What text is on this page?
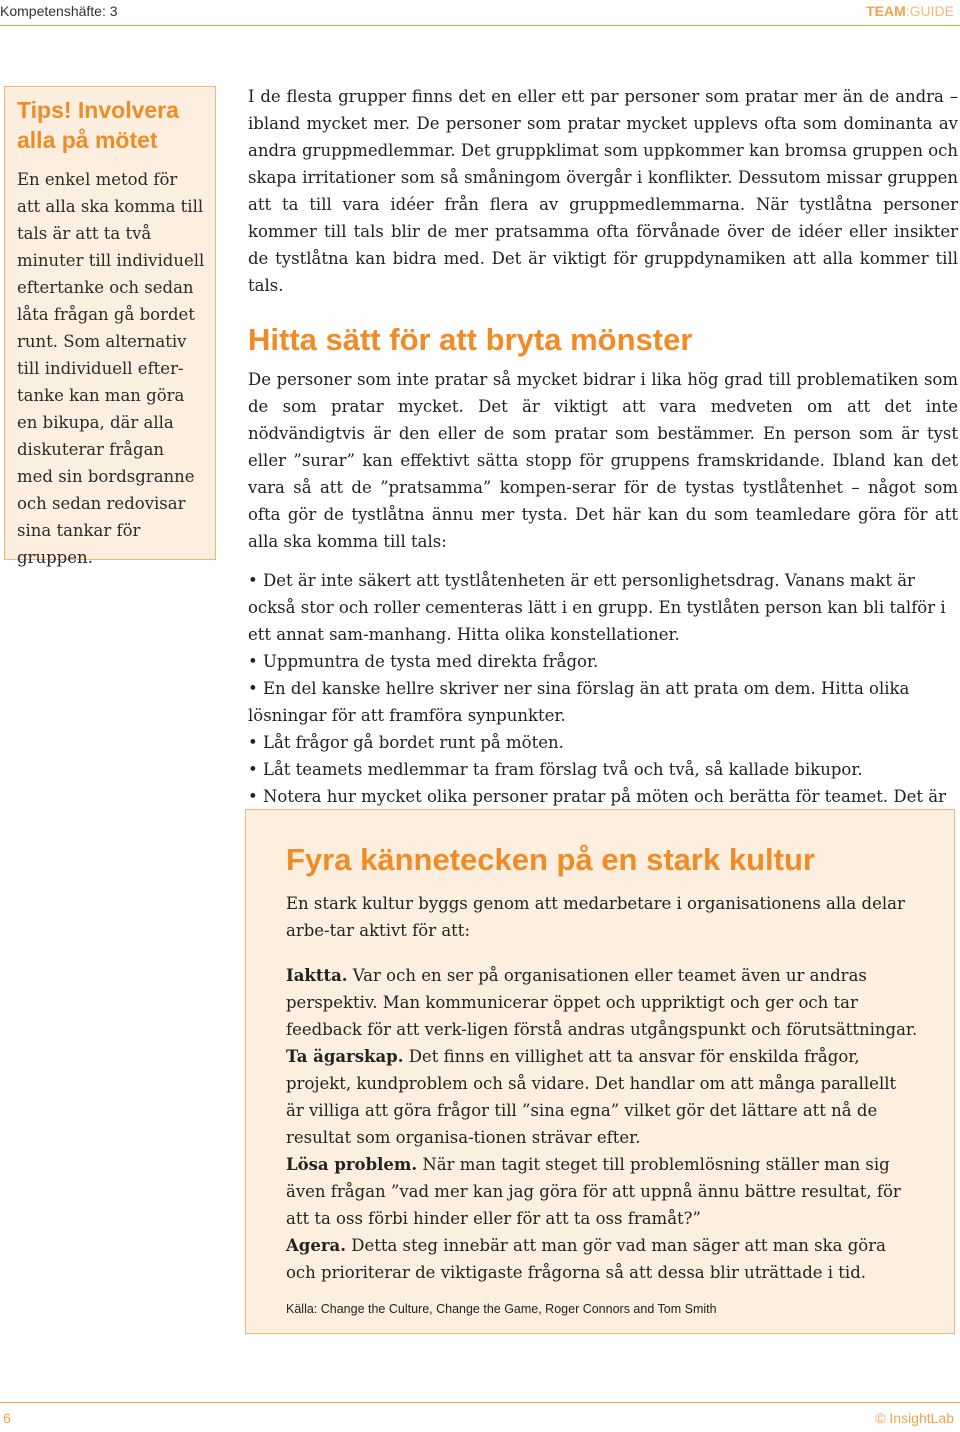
Kompetenshäfte: 3	TEAM:GUIDE
Tips! Involvera alla på mötet

En enkel metod för att alla ska komma till tals är att ta två minuter till individuell eftertanke och sedan låta frågan gå bordet runt. Som alternativ till individuell efter-tanke kan man göra en bikupa, där alla diskuterar frågan med sin bordsgranne och sedan redovisar sina tankar för gruppen.

I de flesta grupper finns det en eller ett par personer som pratar mer än de andra – ibland mycket mer. De personer som pratar mycket upplevs ofta som dominanta av andra gruppmedlemmar. Det gruppklimat som uppkommer kan bromsa gruppen och skapa irritationer som så småningom övergår i konflikter. Dessutom missar gruppen att ta till vara idéer från flera av gruppmedlemmarna. När tystlåtna personer kommer till tals blir de mer pratsamma ofta förvånade över de idéer eller insikter de tystlåtna kan bidra med. Det är viktigt för gruppdynamiken att alla kommer till tals.

Hitta sätt för att bryta mönster

De personer som inte pratar så mycket bidrar i lika hög grad till problematiken som de som pratar mycket. Det är viktigt att vara medveten om att det inte nödvändigtvis är den eller de som pratar som bestämmer. En person som är tyst eller ”surar” kan effektivt sätta stopp för gruppens framskridande. Ibland kan det vara så att de ”pratsamma” kompen-serar för de tystas tystlåtenhet – något som ofta gör de tystlåtna ännu mer tysta. Det här kan du som teamledare göra för att alla ska komma till tals:

• Det är inte säkert att tystlåtenheten är ett personlighetsdrag. Vanans makt är också stor och roller cementeras lätt i en grupp. En tystlåten person kan bli talför i ett annat sam-manhang. Hitta olika konstellationer.
• Uppmuntra de tysta med direkta frågor.
• En del kanske hellre skriver ner sina förslag än att prata om dem. Hitta olika lösningar för att framföra synpunkter.
• Låt frågor gå bordet runt på möten.
• Låt teamets medlemmar ta fram förslag två och två, så kallade bikupor.
• Notera hur mycket olika personer pratar på möten och berätta för teamet. Det är
Fyra kännetecken på en stark kultur

En stark kultur byggs genom att medarbetare i organisationens alla delar arbe-tar aktivt för att:

Iaktta. Var och en ser på organisationen eller teamet även ur andras perspektiv. Man kommunicerar öppet och uppriktigt och ger och tar feedback för att verk-ligen förstå andras utgångspunkt och förutsättningar.

Ta ägarskap. Det finns en villighet att ta ansvar för enskilda frågor, projekt, kundproblem och så vidare. Det handlar om att många parallellt är villiga att göra frågor till ”sina egna” vilket gör det lättare att nå de resultat som organisa-tionen strävar efter.

Lösa problem. När man tagit steget till problemlösning ställer man sig även frågan ”vad mer kan jag göra för att uppnå ännu bättre resultat, för att ta oss förbi hinder eller för att ta oss framåt?”

Agera. Detta steg innebär att man gör vad man säger att man ska göra och prioriterar de viktigaste frågorna så att dessa blir uträttade i tid.

Källa: Change the Culture, Change the Game, Roger Connors and Tom Smith
6	© InsightLab
